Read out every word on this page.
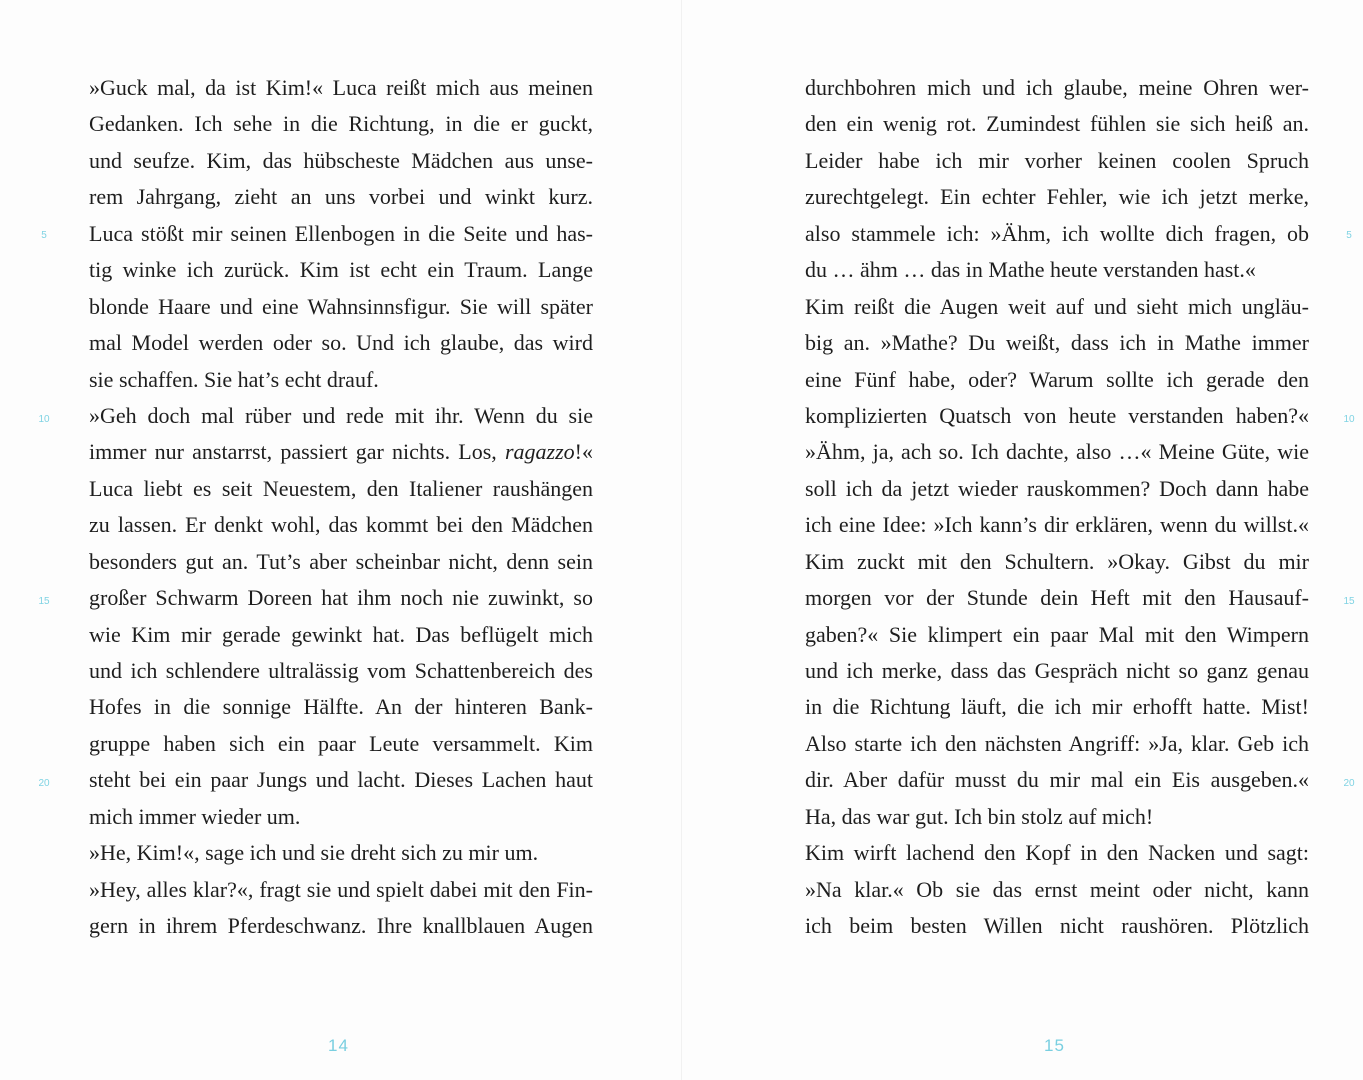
»Guck mal, da ist Kim!« Luca reißt mich aus meinen
Gedanken. Ich sehe in die Richtung, in die er guckt,
und seufze. Kim, das hübscheste Mädchen aus unse-
rem Jahrgang, zieht an uns vorbei und winkt kurz.
Luca stößt mir seinen Ellenbogen in die Seite und has-
tig winke ich zurück. Kim ist echt ein Traum. Lange
blonde Haare und eine Wahnsinnsfigur. Sie will später
mal Model werden oder so. Und ich glaube, das wird
sie schaffen. Sie hat’s echt drauf.
»Geh doch mal rüber und rede mit ihr. Wenn du sie
immer nur anstarrst, passiert gar nichts. Los, ragazzo!«
Luca liebt es seit Neuestem, den Italiener raushängen
zu lassen. Er denkt wohl, das kommt bei den Mädchen
besonders gut an. Tut’s aber scheinbar nicht, denn sein
großer Schwarm Doreen hat ihm noch nie zuwinkt, so
wie Kim mir gerade gewinkt hat. Das beflügelt mich
und ich schlendere ultralässig vom Schattenbereich des
Hofes in die sonnige Hälfte. An der hinteren Bank-
gruppe haben sich ein paar Leute versammelt. Kim
steht bei ein paar Jungs und lacht. Dieses Lachen haut
mich immer wieder um.
»He, Kim!«, sage ich und sie dreht sich zu mir um.
»Hey, alles klar?«, fragt sie und spielt dabei mit den Fin-
gern in ihrem Pferdeschwanz. Ihre knallblauen Augen
5
10
15
20
14
durchbohren mich und ich glaube, meine Ohren wer-
den ein wenig rot. Zumindest fühlen sie sich heiß an.
Leider habe ich mir vorher keinen coolen Spruch
zurechtgelegt. Ein echter Fehler, wie ich jetzt merke,
also stammele ich: »Ähm, ich wollte dich fragen, ob
du … ähm … das in Mathe heute verstanden hast.«
Kim reißt die Augen weit auf und sieht mich ungläu-
big an. »Mathe? Du weißt, dass ich in Mathe immer
eine Fünf habe, oder? Warum sollte ich gerade den
komplizierten Quatsch von heute verstanden haben?«
»Ähm, ja, ach so. Ich dachte, also …« Meine Güte, wie
soll ich da jetzt wieder rauskommen? Doch dann habe
ich eine Idee: »Ich kann’s dir erklären, wenn du willst.«
Kim zuckt mit den Schultern. »Okay. Gibst du mir
morgen vor der Stunde dein Heft mit den Hausauf-
gaben?« Sie klimpert ein paar Mal mit den Wimpern
und ich merke, dass das Gespräch nicht so ganz genau
in die Richtung läuft, die ich mir erhofft hatte. Mist!
Also starte ich den nächsten Angriff: »Ja, klar. Geb ich
dir. Aber dafür musst du mir mal ein Eis ausgeben.«
Ha, das war gut. Ich bin stolz auf mich!
Kim wirft lachend den Kopf in den Nacken und sagt:
»Na klar.« Ob sie das ernst meint oder nicht, kann
ich beim besten Willen nicht raushören. Plötzlich
5
10
15
20
15
